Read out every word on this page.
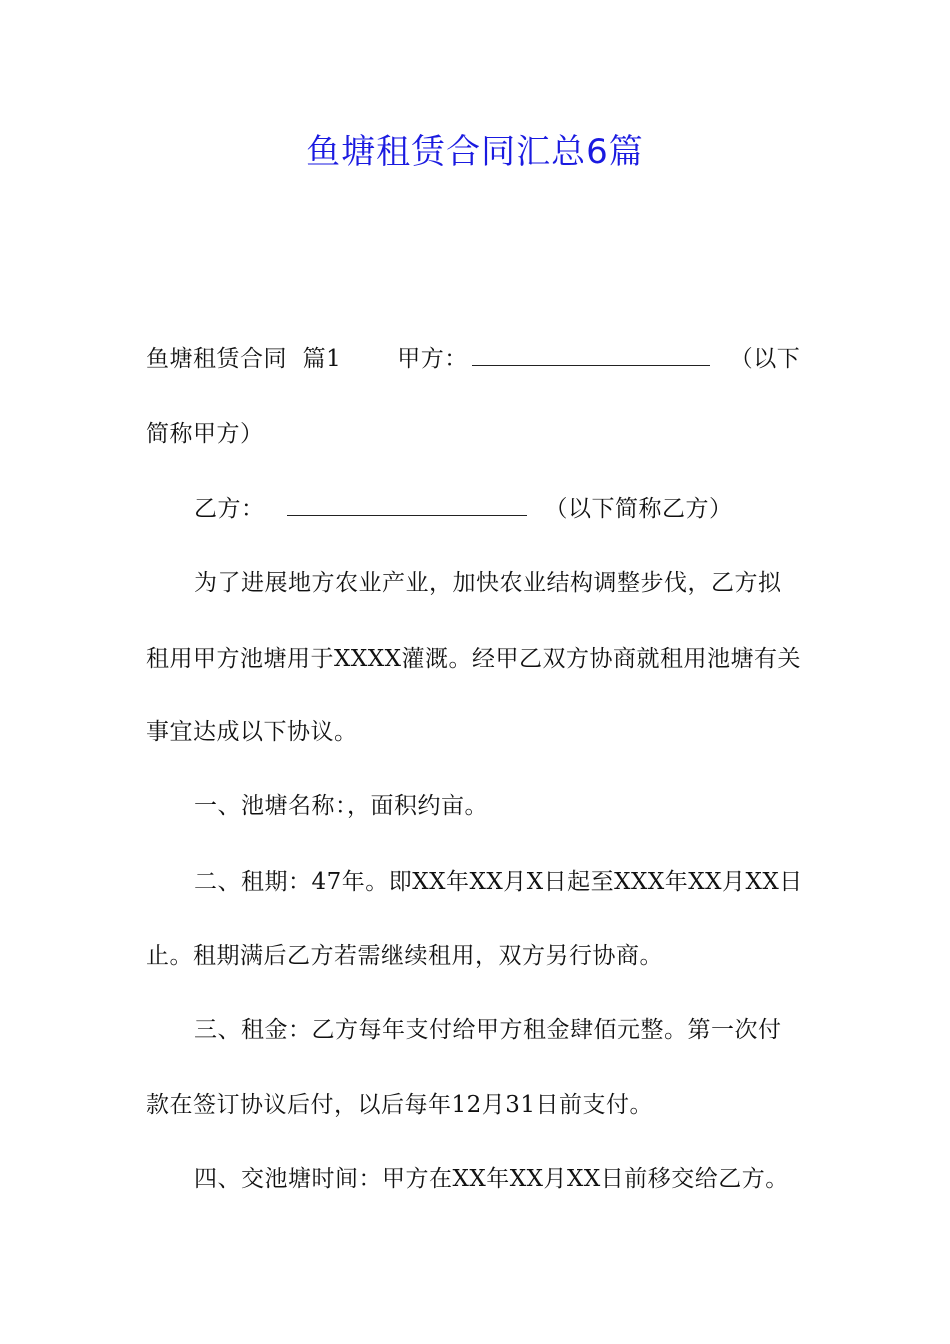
鱼塘租赁合同汇总6篇
鱼塘租赁合同  篇1 甲方：	（以下
简称甲方）
乙方：	（以下简称乙方）
为了进展地方农业产业，加快农业结构调整步伐，乙方拟
租用甲方池塘用于XXXX灌溉。经甲乙双方协商就租用池塘有关
事宜达成以下协议。
一、池塘名称：，面积约亩。
二、租期：47年。即XX年XX月X日起至XXX年XX月XX日
止。租期满后乙方若需继续租用，双方另行协商。
三、租金：乙方每年支付给甲方租金肆佰元整。第一次付
款在签订协议后付，以后每年12月31日前支付。
四、交池塘时间：甲方在XX年XX月XX日前移交给乙方。
